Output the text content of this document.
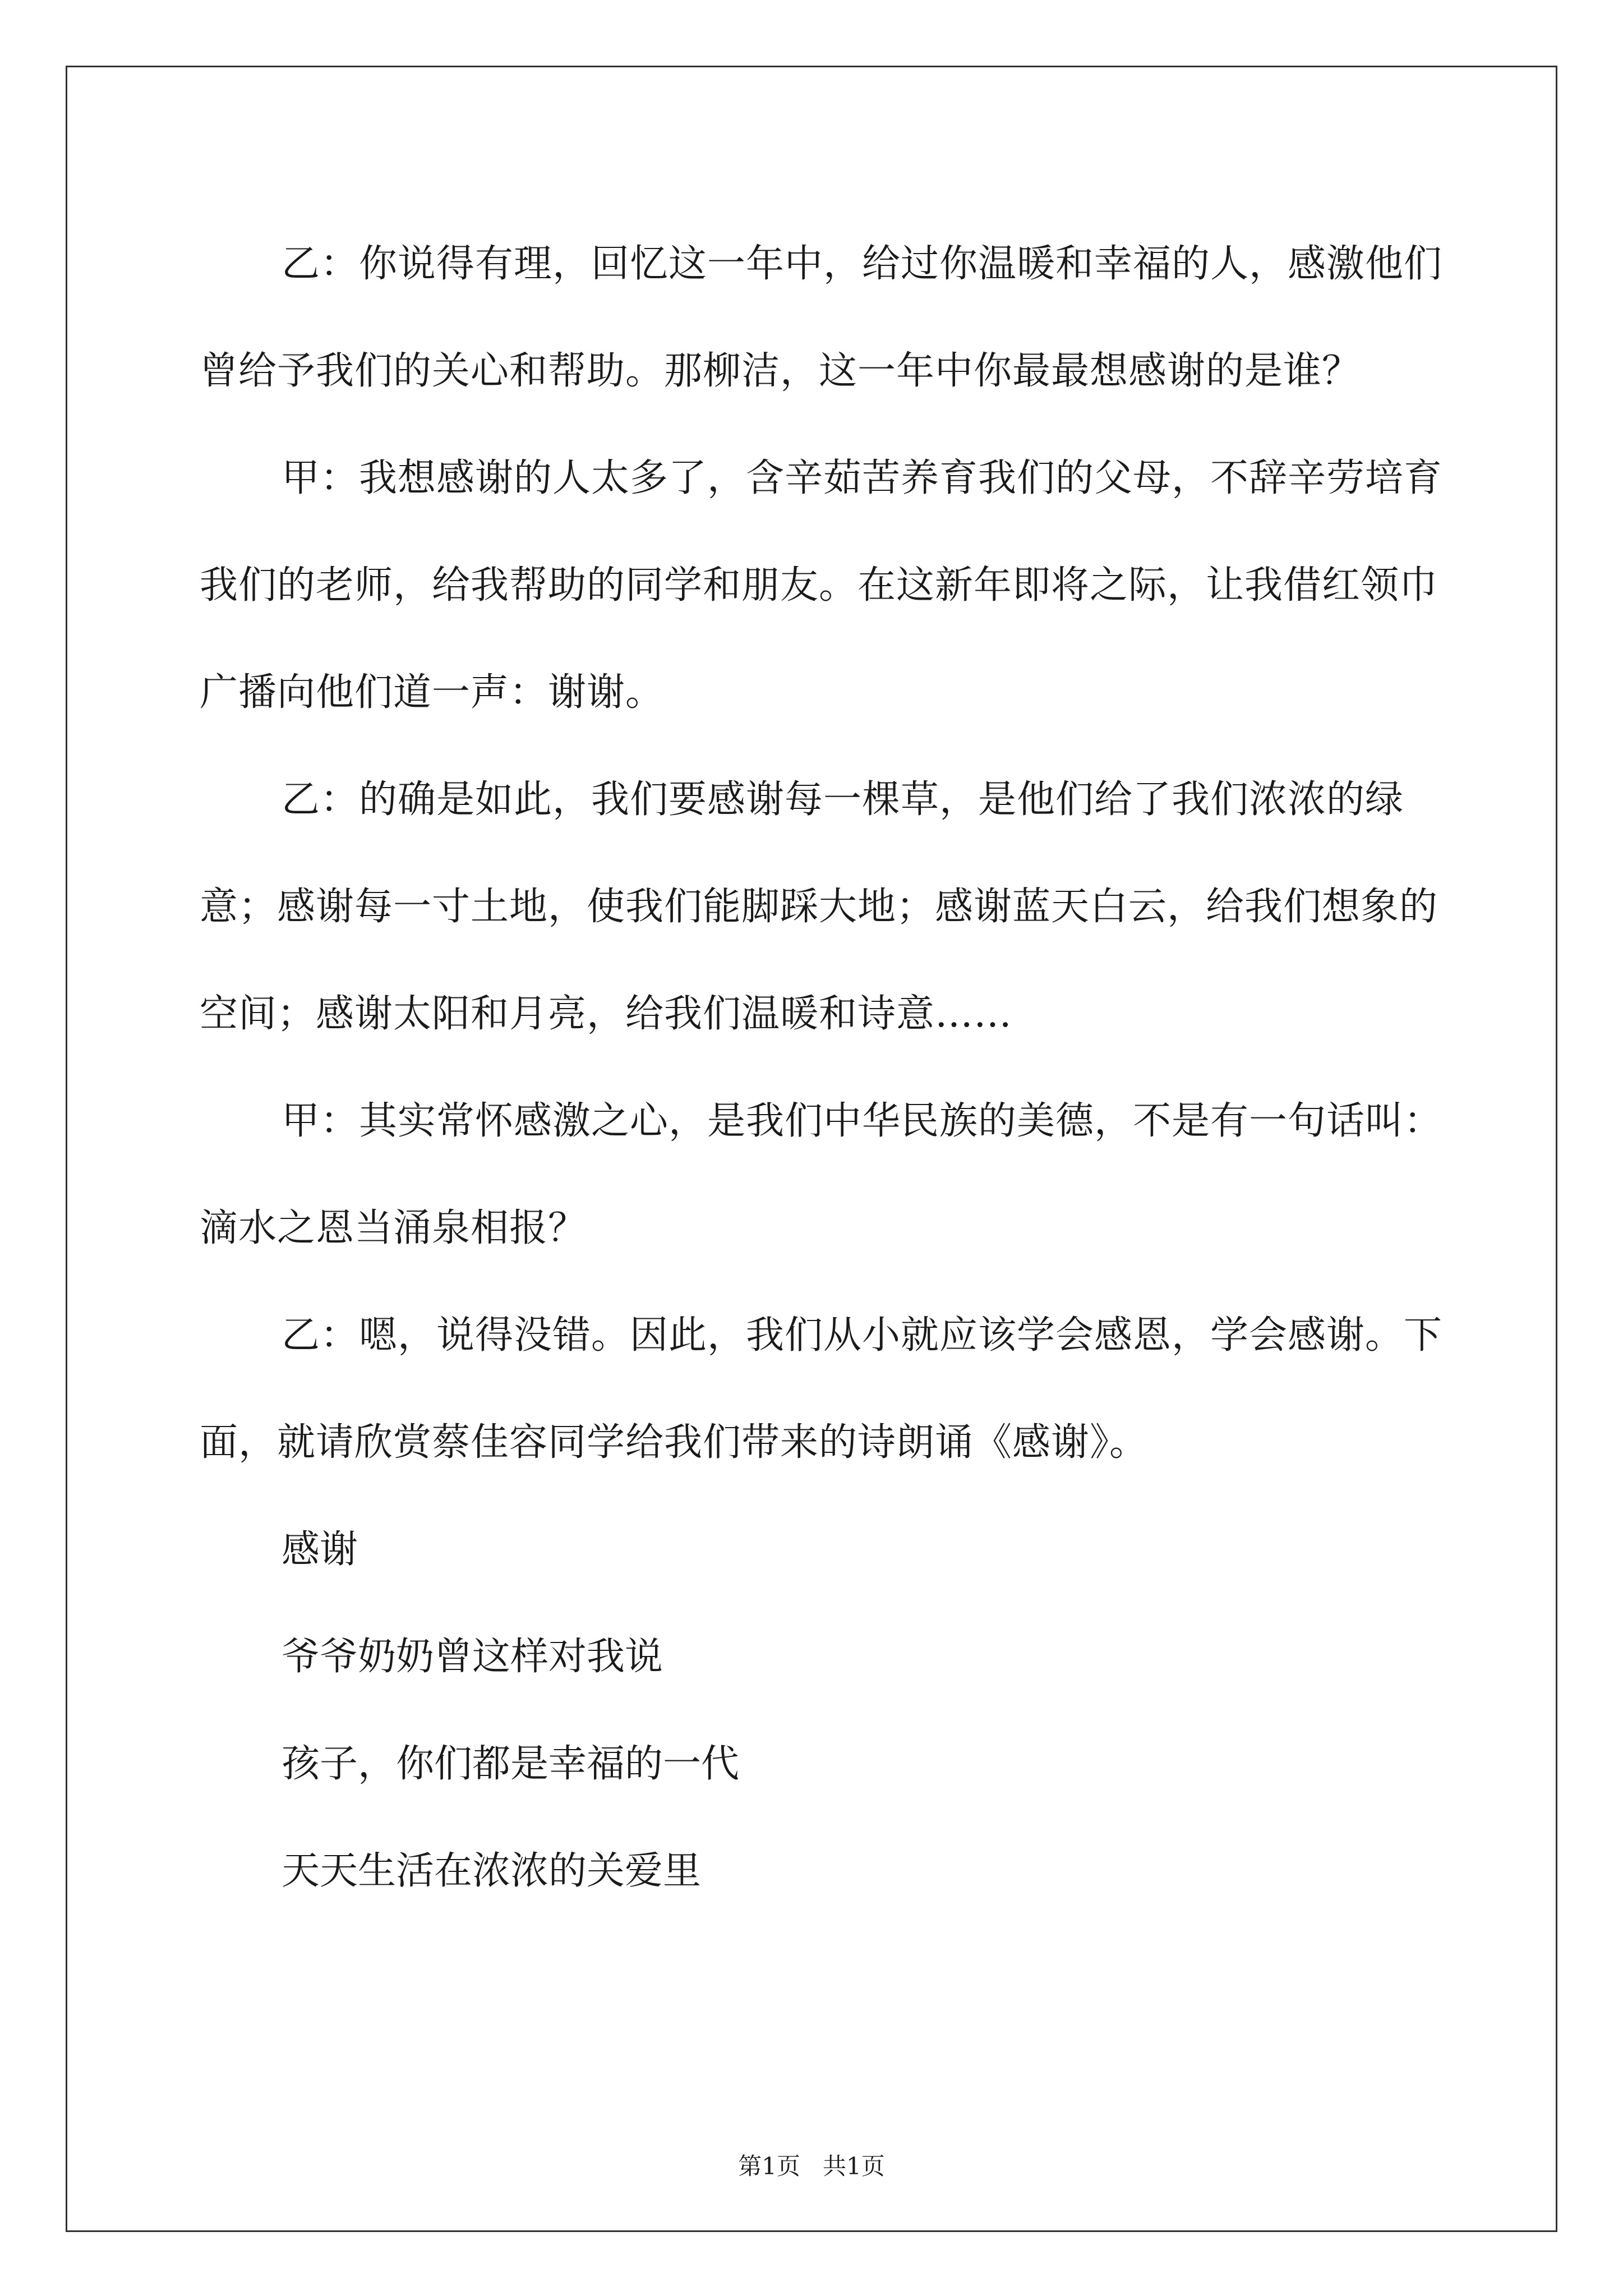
乙：你说得有理，回忆这一年中，给过你温暖和幸福的人，感激他们曾给予我们的关心和帮助。那柳洁，这一年中你最最想感谢的是谁？

甲：我想感谢的人太多了，含辛茹苦养育我们的父母，不辞辛劳培育我们的老师，给我帮助的同学和朋友。在这新年即将之际，让我借红领巾广播向他们道一声：谢谢。

乙：的确是如此，我们要感谢每一棵草，是他们给了我们浓浓的绿意；感谢每一寸土地，使我们能脚踩大地；感谢蓝天白云，给我们想象的空间；感谢太阳和月亮，给我们温暖和诗意……

甲：其实常怀感激之心，是我们中华民族的美德，不是有一句话叫：滴水之恩当涌泉相报？

乙：嗯，说得没错。因此，我们从小就应该学会感恩，学会感谢。下面，就请欣赏蔡佳容同学给我们带来的诗朗诵《感谢》。

感谢

爷爷奶奶曾这样对我说

孩子，你们都是幸福的一代

天天生活在浓浓的关爱里

第1页 共1页
